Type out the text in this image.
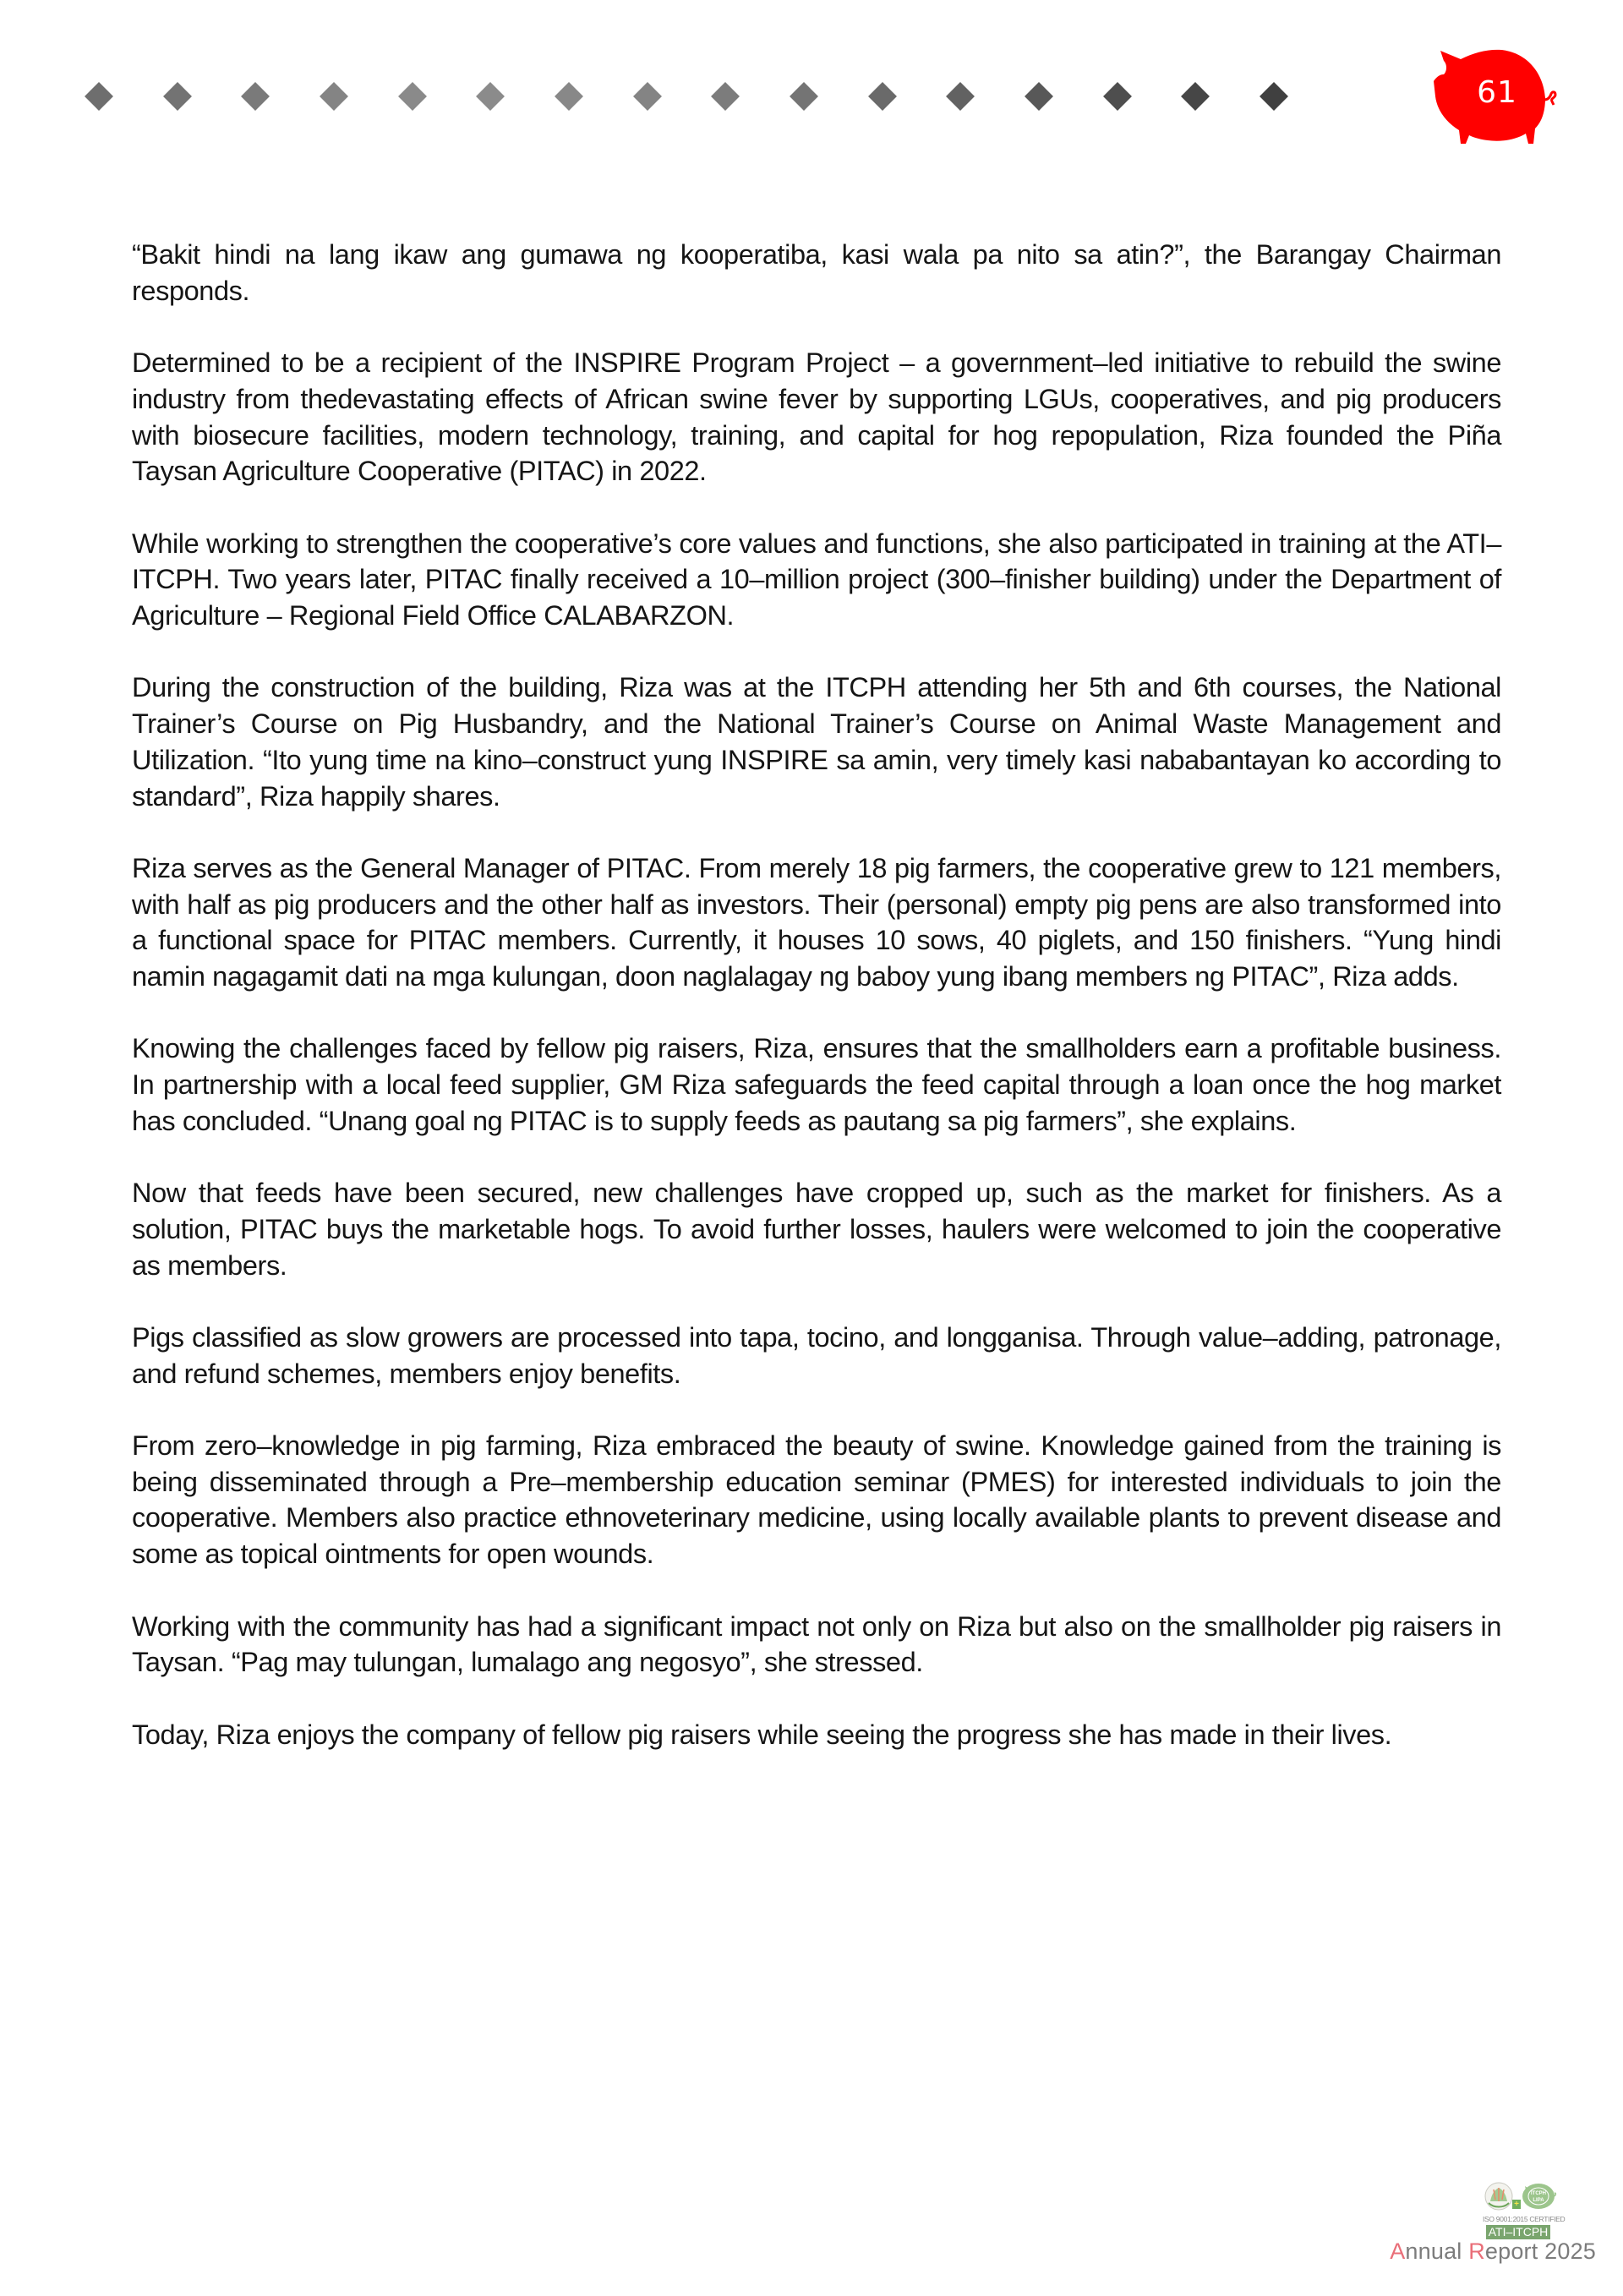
61

“Bakit hindi na lang ikaw ang gumawa ng kooperatiba, kasi wala pa nito sa atin?”, the Barangay Chairman responds.

Determined to be a recipient of the INSPIRE Program Project – a government–led initiative to rebuild the swine industry from thedevastating effects of African swine fever by supporting LGUs, cooperatives, and pig producers with biosecure facilities, modern technology, training, and capital for hog repopulation, Riza founded the Piña Taysan Agriculture Cooperative (PITAC) in 2022.

While working to strengthen the cooperative’s core values and functions, she also participated in training at the ATI–ITCPH. Two years later, PITAC finally received a 10–million project (300–finisher building) under the Department of Agriculture – Regional Field Office CALABARZON.

During the construction of the building, Riza was at the ITCPH attending her 5th and 6th courses, the National Trainer’s Course on Pig Husbandry, and the National Trainer’s Course on Animal Waste Management and Utilization. “Ito yung time na kino–construct yung INSPIRE sa amin, very timely kasi nababantayan ko according to standard”, Riza happily shares.

Riza serves as the General Manager of PITAC. From merely 18 pig farmers, the cooperative grew to 121 members, with half as pig producers and the other half as investors. Their (personal) empty pig pens are also transformed into a functional space for PITAC members. Currently, it houses 10 sows, 40 piglets, and 150 finishers. “Yung hindi namin nagagamit dati na mga kulungan, doon naglalagay ng baboy yung ibang members ng PITAC”, Riza adds.

Knowing the challenges faced by fellow pig raisers, Riza, ensures that the smallholders earn a profitable business. In partnership with a local feed supplier, GM Riza safeguards the feed capital through a loan once the hog market has concluded. “Unang goal ng PITAC is to supply feeds as pautang sa pig farmers”, she explains.

Now that feeds have been secured, new challenges have cropped up, such as the market for finishers. As a solution, PITAC buys the marketable hogs. To avoid further losses, haulers were welcomed to join the cooperative as members.

Pigs classified as slow growers are processed into tapa, tocino, and longganisa. Through value–adding, patronage, and refund schemes, members enjoy benefits.

From zero–knowledge in pig farming, Riza embraced the beauty of swine. Knowledge gained from the training is being disseminated through a Pre–membership education seminar (PMES) for interested individuals to join the cooperative. Members also practice ethnoveterinary medicine, using locally available plants to prevent disease and some as topical ointments for open wounds.

Working with the community has had a significant impact not only on Riza but also on the smallholder pig raisers in Taysan. “Pag may tulungan, lumalago ang negosyo”, she stressed.

Today, Riza enjoys the company of fellow pig raisers while seeing the progress she has made in their lives.

+
ITCPH
LIPA
ISO 9001:2015 CERTIFIED
ATI–ITCPH
Annual Report 2025
